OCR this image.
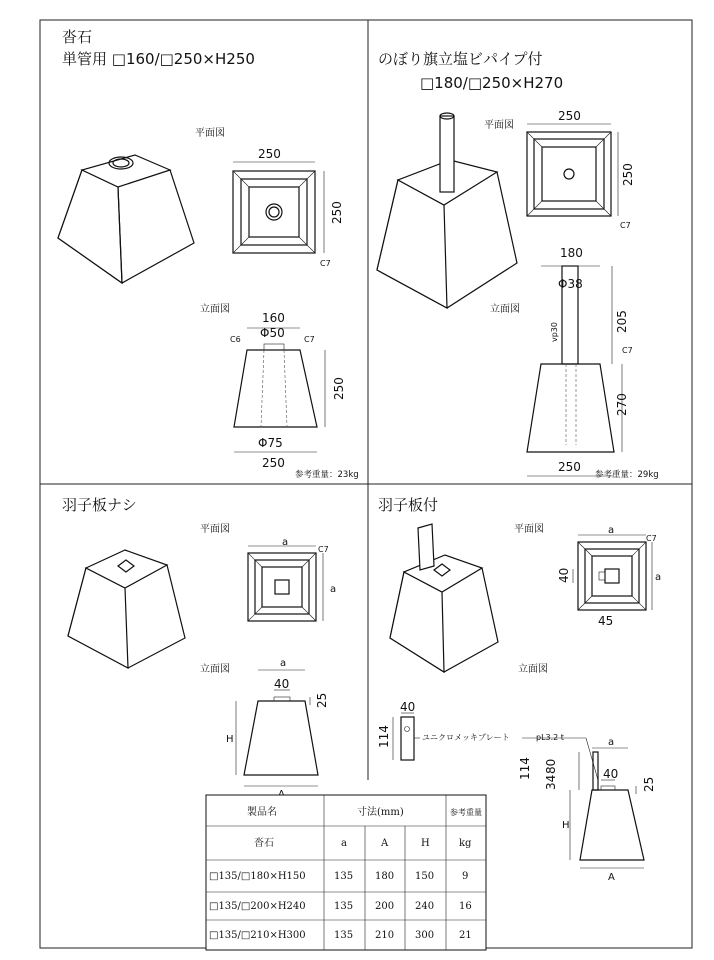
沓石
単管用 □160/□250×H250
平面図
250
250
C7
立面図
160
Φ50
C6	C7
250
Φ75
250
参考重量：23kg
のぼり旗立塩ビパイプ付
□180/□250×H270
平面図
250
250
C7
立面図
180
Φ38
vp30	205
C7
270
250
参考重量：29kg
羽子板ナシ
平面図
a
a
C7
立面図
a
40
25
H
羽子板付
平面図	a
a
C7
40
45
立面図
40
114	ユニクロメッキプレート	pL3.2 t	a
40
25
114
34
80
H
A
製品名	寸法(mm)	参考重量
沓石	a	A	H	kg
□135/□180×H150	135 180 150	9
□135/□200×H240	135 200 240 16
□135/□210×H300	135 210 300 21
